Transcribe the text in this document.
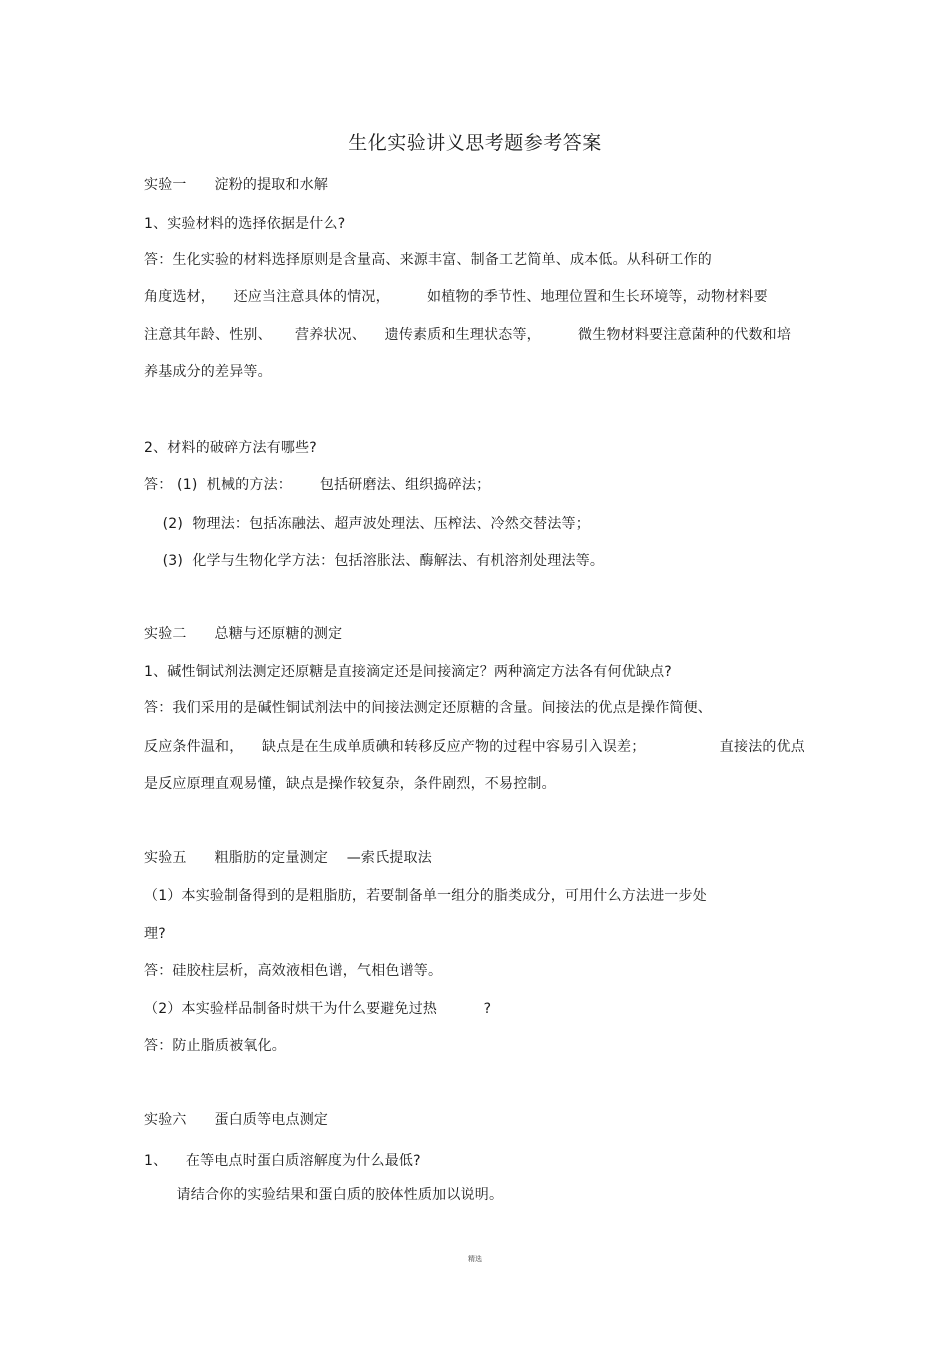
生化实验讲义思考题参考答案
实验一      淀粉的提取和水解
1、实验材料的选择依据是什么?
答：生化实验的材料选择原则是含量高、来源丰富、制备工艺简单、成本低。从科研工作的
角度选材，    还应当注意具体的情况，        如植物的季节性、地理位置和生长环境等，动物材料要
注意其年龄、性别、     营养状况、    遗传素质和生理状态等，        微生物材料要注意菌种的代数和培
养基成分的差异等。
2、材料的破碎方法有哪些?
答： (1)  机械的方法：      包括研磨法、组织捣碎法；
(2)  物理法：包括冻融法、超声波处理法、压榨法、冷然交替法等；
(3)  化学与生物化学方法：包括溶胀法、酶解法、有机溶剂处理法等。
实验二      总糖与还原糖的测定
1、碱性铜试剂法测定还原糖是直接滴定还是间接滴定？两种滴定方法各有何优缺点?
答：我们采用的是碱性铜试剂法中的间接法测定还原糖的含量。间接法的优点是操作简便、
反应条件温和，    缺点是在生成单质碘和转移反应产物的过程中容易引入误差；                直接法的优点
是反应原理直观易懂，缺点是操作较复杂，条件剧烈，不易控制。
实验五      粗脂肪的定量测定    —索氏提取法
（1）本实验制备得到的是粗脂肪，若要制备单一组分的脂类成分，可用什么方法进一步处
理?
答：硅胶柱层析，高效液相色谱，气相色谱等。
（2）本实验样品制备时烘干为什么要避免过热          ?
答：防止脂质被氧化。
实验六      蛋白质等电点测定
1、    在等电点时蛋白质溶解度为什么最低?
请结合你的实验结果和蛋白质的胶体性质加以说明。
精选
